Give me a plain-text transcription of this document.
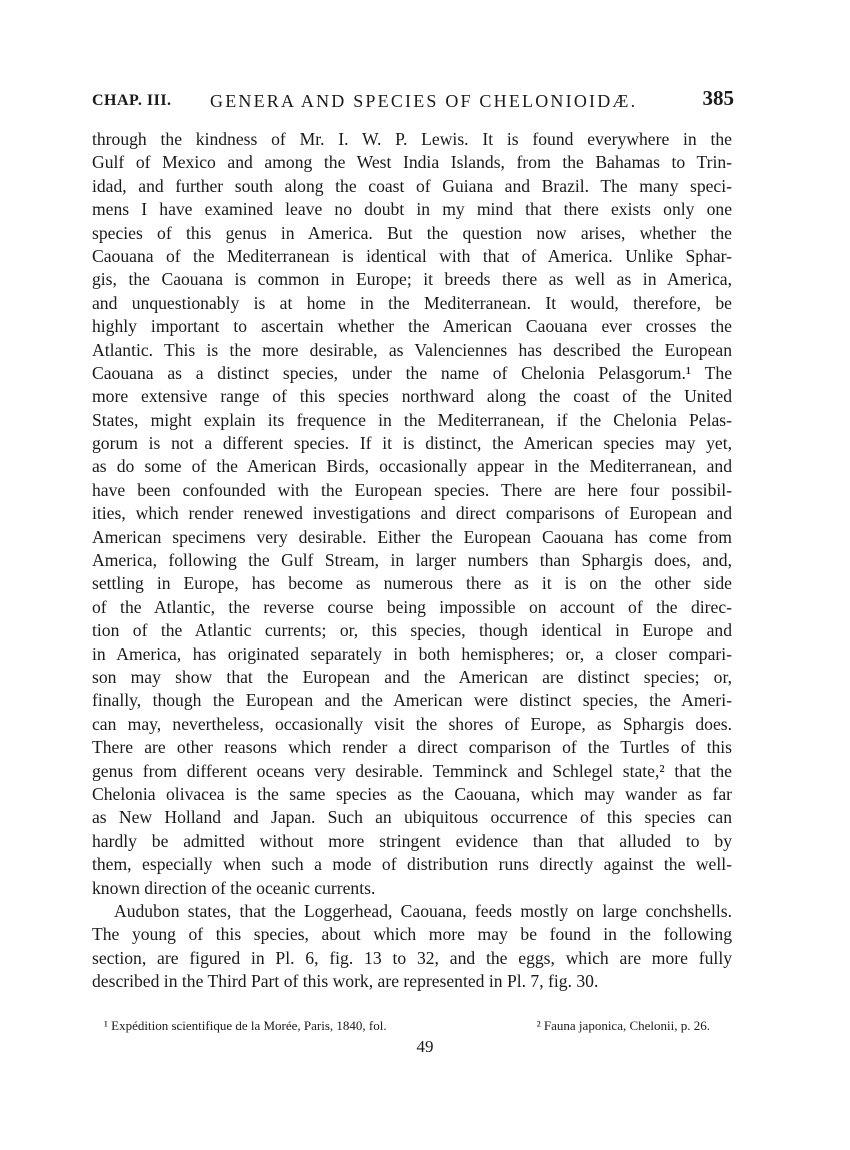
CHAP. III. GENERA AND SPECIES OF CHELONIOIDÆ.	385
through the kindness of Mr. I. W. P. Lewis. It is found everywhere in the
Gulf of Mexico and among the West India Islands, from the Bahamas to Trin-
idad, and further south along the coast of Guiana and Brazil. The many speci-
mens I have examined leave no doubt in my mind that there exists only one
species of this genus in America. But the question now arises, whether the
Caouana of the Mediterranean is identical with that of America. Unlike Sphar-
gis, the Caouana is common in Europe; it breeds there as well as in America,
and unquestionably is at home in the Mediterranean. It would, therefore, be
highly important to ascertain whether the American Caouana ever crosses the
Atlantic. This is the more desirable, as Valenciennes has described the European
Caouana as a distinct species, under the name of Chelonia Pelasgorum.¹ The
more extensive range of this species northward along the coast of the United
States, might explain its frequence in the Mediterranean, if the Chelonia Pelas-
gorum is not a different species. If it is distinct, the American species may yet,
as do some of the American Birds, occasionally appear in the Mediterranean, and
have been confounded with the European species. There are here four possibil-
ities, which render renewed investigations and direct comparisons of European and
American specimens very desirable. Either the European Caouana has come from
America, following the Gulf Stream, in larger numbers than Sphargis does, and,
settling in Europe, has become as numerous there as it is on the other side
of the Atlantic, the reverse course being impossible on account of the direc-
tion of the Atlantic currents; or, this species, though identical in Europe and
in America, has originated separately in both hemispheres; or, a closer compari-
son may show that the European and the American are distinct species; or,
finally, though the European and the American were distinct species, the Ameri-
can may, nevertheless, occasionally visit the shores of Europe, as Sphargis does.
There are other reasons which render a direct comparison of the Turtles of this
genus from different oceans very desirable. Temminck and Schlegel state,² that the
Chelonia olivacea is the same species as the Caouana, which may wander as far
as New Holland and Japan. Such an ubiquitous occurrence of this species can
hardly be admitted without more stringent evidence than that alluded to by
them, especially when such a mode of distribution runs directly against the well-
known direction of the oceanic currents.
Audubon states, that the Loggerhead, Caouana, feeds mostly on large conchshells.
The young of this species, about which more may be found in the following
section, are figured in Pl. 6, fig. 13 to 32, and the eggs, which are more fully
described in the Third Part of this work, are represented in Pl. 7, fig. 30.
¹ Expédition scientifique de la Morée, Paris, 1840, fol.	² Fauna japonica, Chelonii, p. 26.
49
